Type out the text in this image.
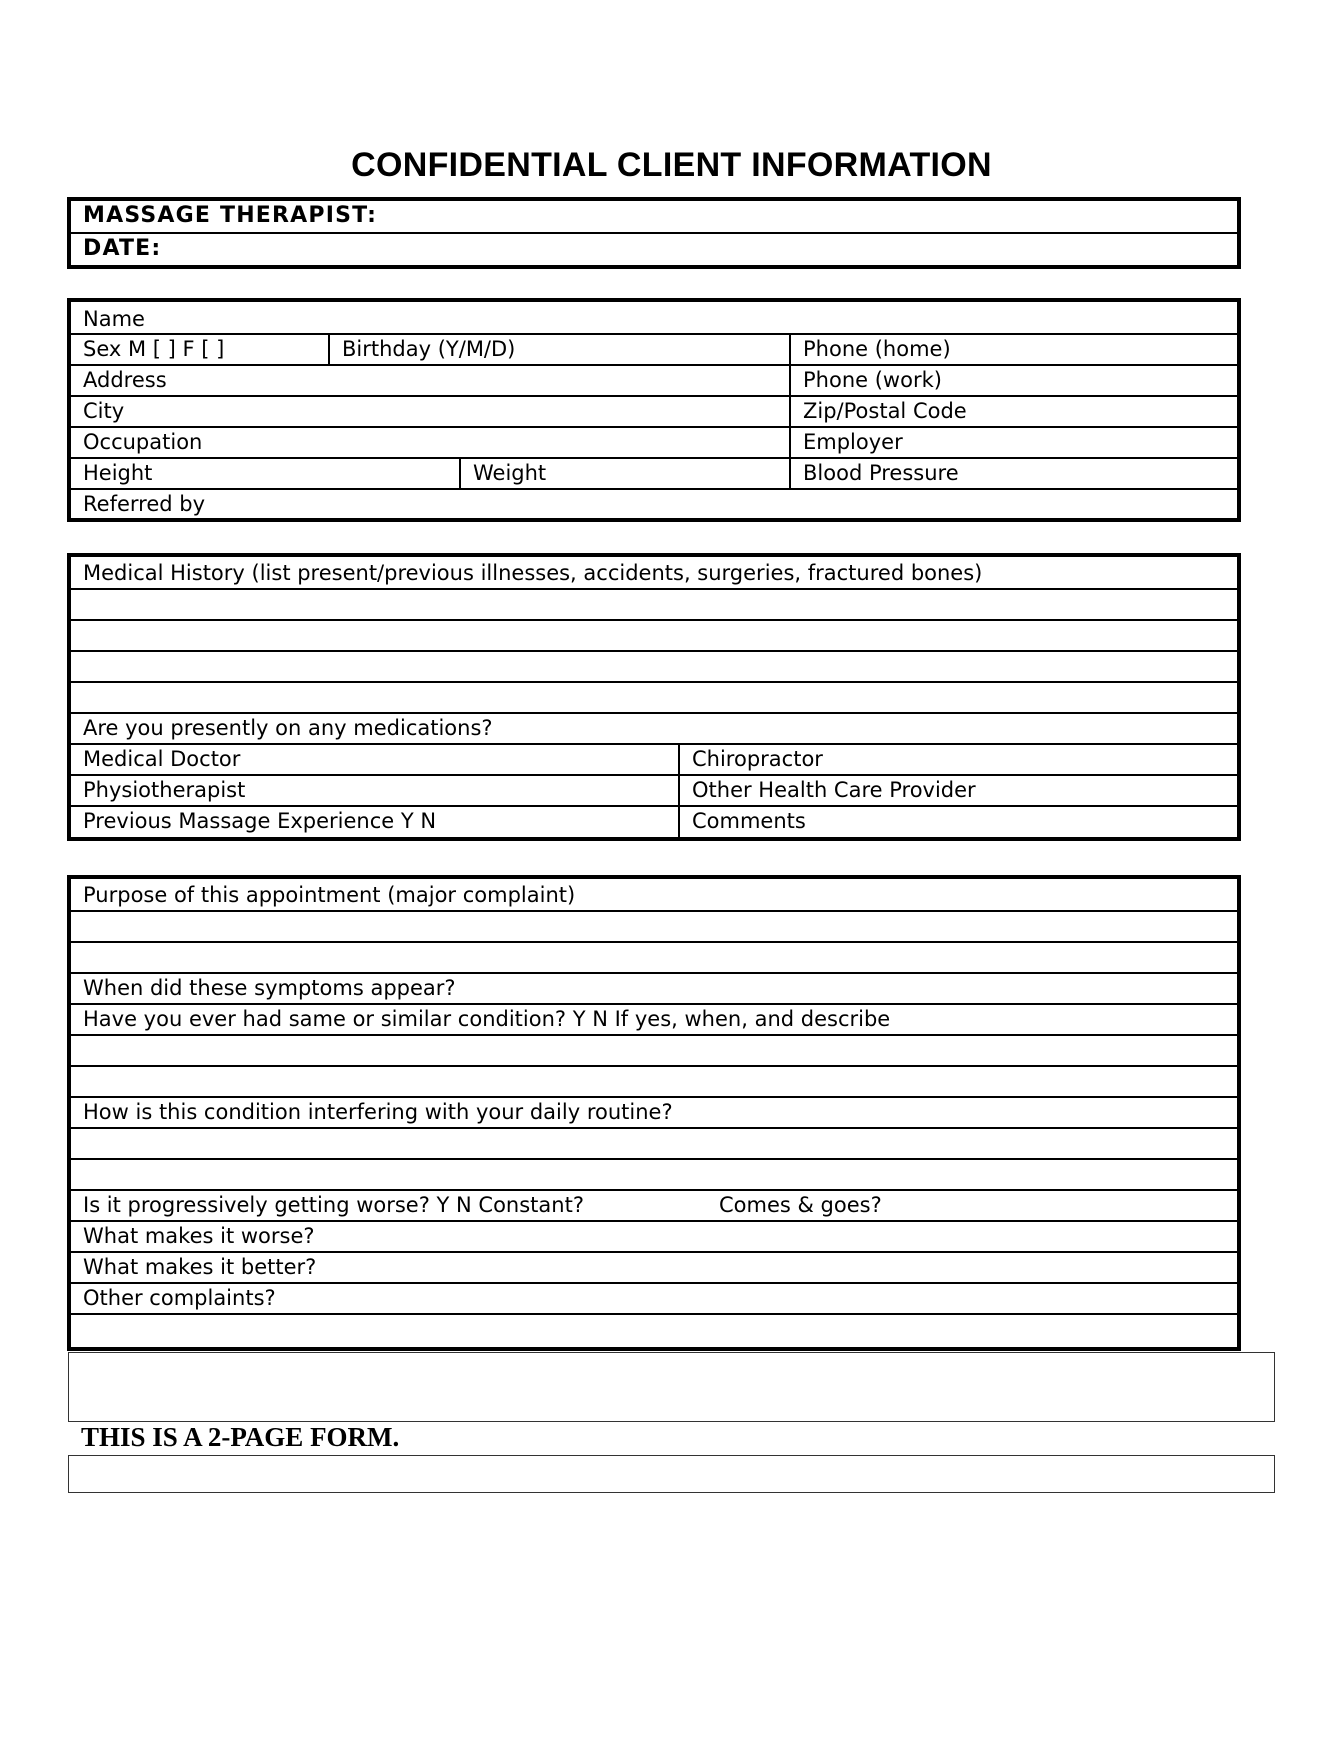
CONFIDENTIAL CLIENT INFORMATION
MASSAGE THERAPIST:
DATE:
Name
Sex M [ ] F [ ]	Birthday (Y/M/D)	Phone (home)
Address	Phone (work)
City	Zip/Postal Code
Occupation	Employer
Height	Weight	Blood Pressure
Referred by
Medical History (list present/previous illnesses, accidents, surgeries, fractured bones)
Are you presently on any medications?
Medical Doctor	Chiropractor
Physiotherapist	Other Health Care Provider
Previous Massage Experience Y N	Comments
Purpose of this appointment (major complaint)
When did these symptoms appear?
Have you ever had same or similar condition? Y N If yes, when, and describe
How is this condition interfering with your daily routine?
Is it progressively getting worse? Y N Constant?	Comes & goes?
What makes it worse?
What makes it better?
Other complaints?
THIS IS A 2-PAGE FORM.
